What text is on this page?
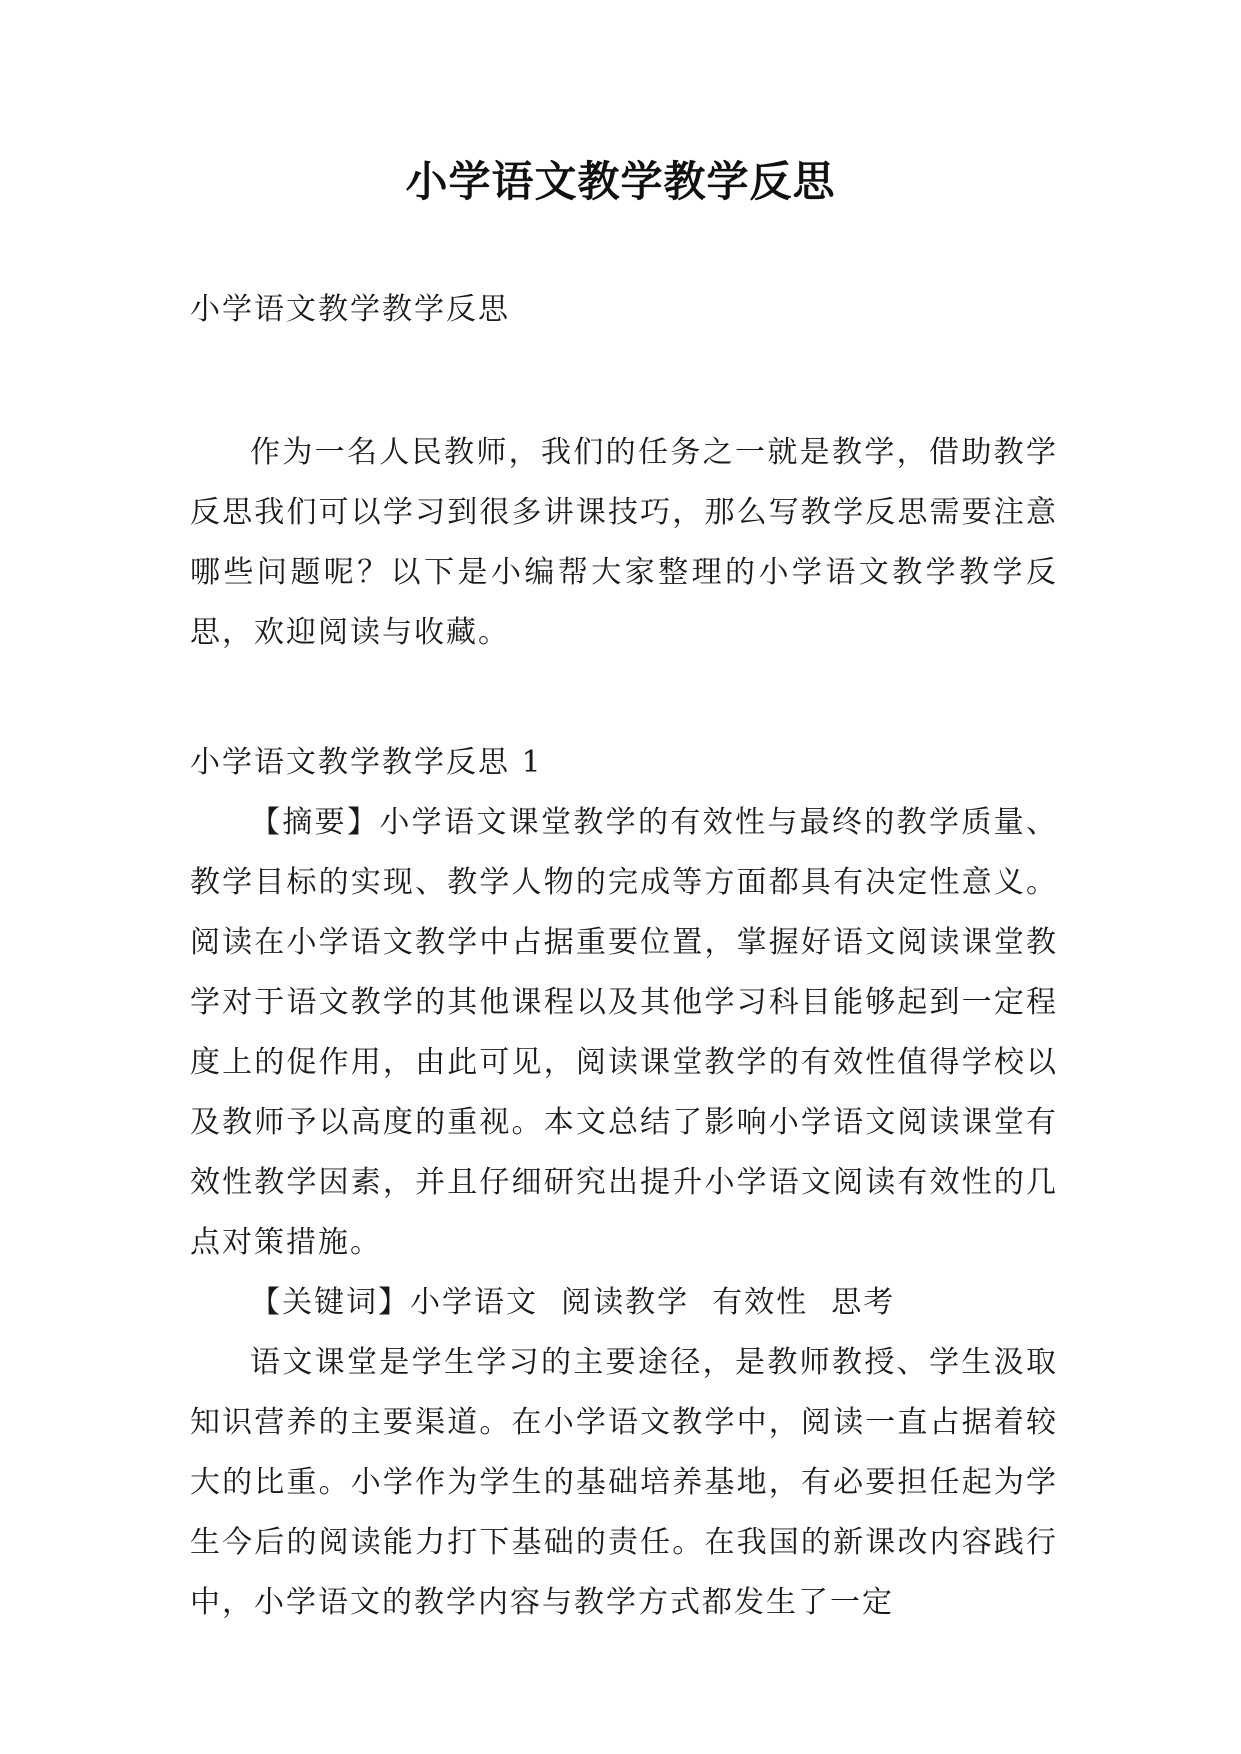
小学语文教学教学反思
小学语文教学教学反思

作为一名人民教师，我们的任务之一就是教学，借助教学反思我们可以学习到很多讲课技巧，那么写教学反思需要注意哪些问题呢？以下是小编帮大家整理的小学语文教学教学反思，欢迎阅读与收藏。

小学语文教学教学反思 1

【摘要】小学语文课堂教学的有效性与最终的教学质量、教学目标的实现、教学人物的完成等方面都具有决定性意义。阅读在小学语文教学中占据重要位置，掌握好语文阅读课堂教学对于语文教学的其他课程以及其他学习科目能够起到一定程度上的促作用，由此可见，阅读课堂教学的有效性值得学校以及教师予以高度的重视。本文总结了影响小学语文阅读课堂有效性教学因素，并且仔细研究出提升小学语文阅读有效性的几点对策措施。

【关键词】小学语文  阅读教学  有效性  思考

语文课堂是学生学习的主要途径，是教师教授、学生汲取知识营养的主要渠道。在小学语文教学中，阅读一直占据着较大的比重。小学作为学生的基础培养基地，有必要担任起为学生今后的阅读能力打下基础的责任。在我国的新课改内容践行中，小学语文的教学内容与教学方式都发生了一定
